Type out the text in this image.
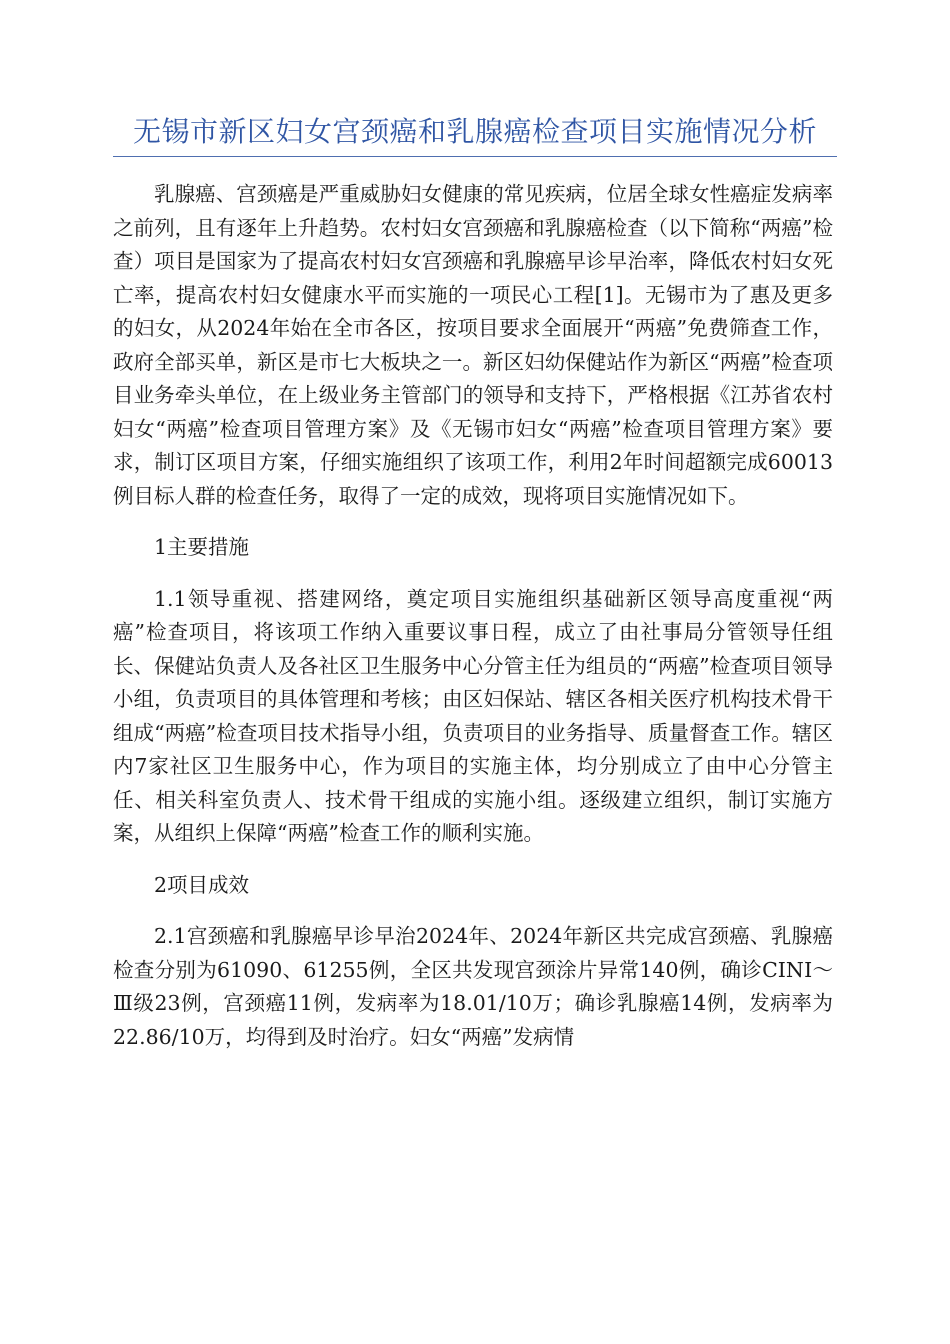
无锡市新区妇女宫颈癌和乳腺癌检查项目实施情况分析

乳腺癌、宫颈癌是严重威胁妇女健康的常见疾病，位居全球女性癌症发病率之前列，且有逐年上升趋势。农村妇女宫颈癌和乳腺癌检查（以下简称“两癌”检查）项目是国家为了提高农村妇女宫颈癌和乳腺癌早诊早治率，降低农村妇女死亡率，提高农村妇女健康水平而实施的一项民心工程[1]。无锡市为了惠及更多的妇女，从2024年始在全市各区，按项目要求全面展开“两癌”免费筛查工作，政府全部买单，新区是市七大板块之一。新区妇幼保健站作为新区“两癌”检查项目业务牵头单位，在上级业务主管部门的领导和支持下，严格根据《江苏省农村妇女“两癌”检查项目管理方案》及《无锡市妇女“两癌”检查项目管理方案》要求，制订区项目方案，仔细实施组织了该项工作，利用2年时间超额完成60013例目标人群的检查任务，取得了一定的成效，现将项目实施情况如下。

1主要措施

1.1领导重视、搭建网络，奠定项目实施组织基础新区领导高度重视“两癌”检查项目，将该项工作纳入重要议事日程，成立了由社事局分管领导任组长、保健站负责人及各社区卫生服务中心分管主任为组员的“两癌”检查项目领导小组，负责项目的具体管理和考核；由区妇保站、辖区各相关医疗机构技术骨干组成“两癌”检查项目技术指导小组，负责项目的业务指导、质量督查工作。辖区内7家社区卫生服务中心，作为项目的实施主体，均分别成立了由中心分管主任、相关科室负责人、技术骨干组成的实施小组。逐级建立组织，制订实施方案，从组织上保障“两癌”检查工作的顺利实施。

2项目成效

2.1宫颈癌和乳腺癌早诊早治2024年、2024年新区共完成宫颈癌、乳腺癌检查分别为61090、61255例，全区共发现宫颈涂片异常140例，确诊CINⅠ～Ⅲ级23例，宫颈癌11例，发病率为18.01/10万；确诊乳腺癌14例，发病率为22.86/10万，均得到及时治疗。妇女“两癌”发病情
